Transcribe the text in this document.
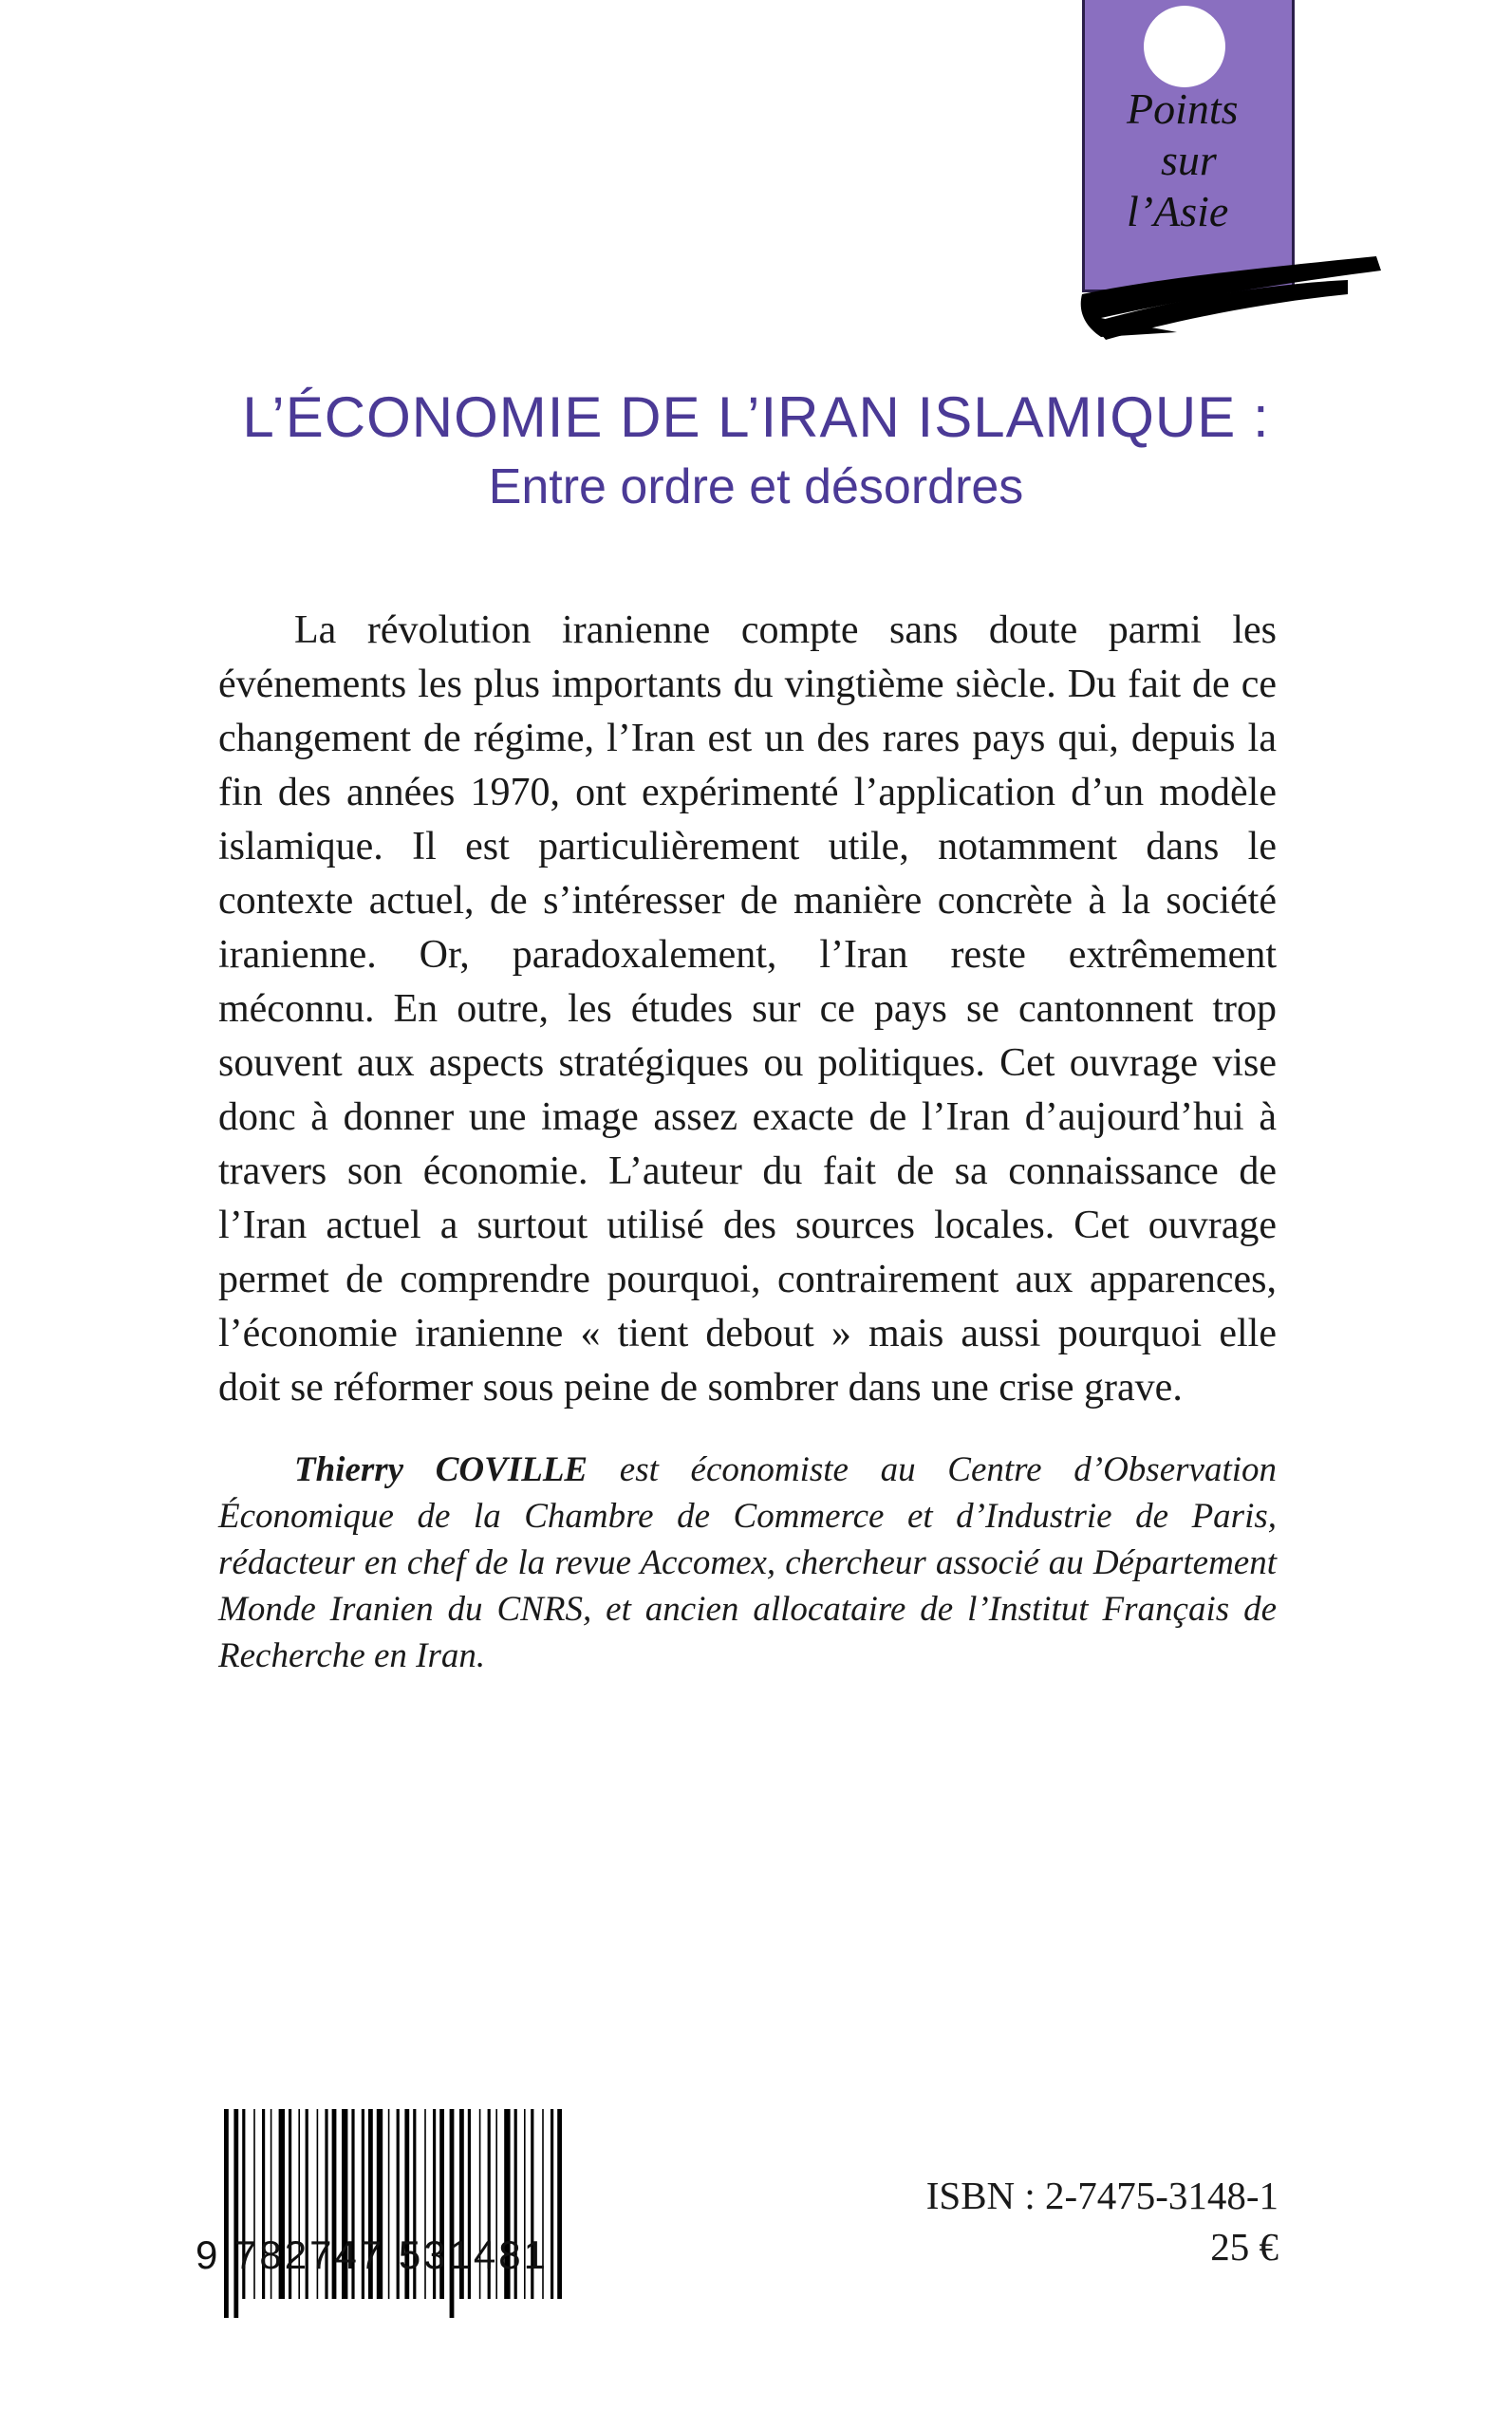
Points
sur
l’Asie
L’ÉCONOMIE DE L’IRAN ISLAMIQUE :
Entre ordre et désordres

La révolution iranienne compte sans doute parmi les événements les plus importants du vingtième siècle. Du fait de ce changement de régime, l’Iran est un des rares pays qui, depuis la fin des années 1970, ont expérimenté l’application d’un modèle islamique. Il est particulièrement utile, notamment dans le contexte actuel, de s’intéresser de manière concrète à la société iranienne. Or, paradoxalement, l’Iran reste extrêmement méconnu. En outre, les études sur ce pays se cantonnent trop souvent aux aspects stratégiques ou politiques. Cet ouvrage vise donc à donner une image assez exacte de l’Iran d’aujourd’hui à travers son économie. L’auteur du fait de sa connaissance de l’Iran actuel a surtout utilisé des sources locales. Cet ouvrage permet de comprendre pourquoi, contrairement aux apparences, l’économie iranienne « tient debout » mais aussi pourquoi elle doit se réformer sous peine de sombrer dans une crise grave.

Thierry COVILLE est économiste au Centre d’Observation Économique de la Chambre de Commerce et d’Industrie de Paris, rédacteur en chef de la revue Accomex, chercheur associé au Département Monde Iranien du CNRS, et ancien allocataire de l’Institut Français de Recherche en Iran.

9 782747 531481
ISBN : 2-7475-3148-1
25 €
